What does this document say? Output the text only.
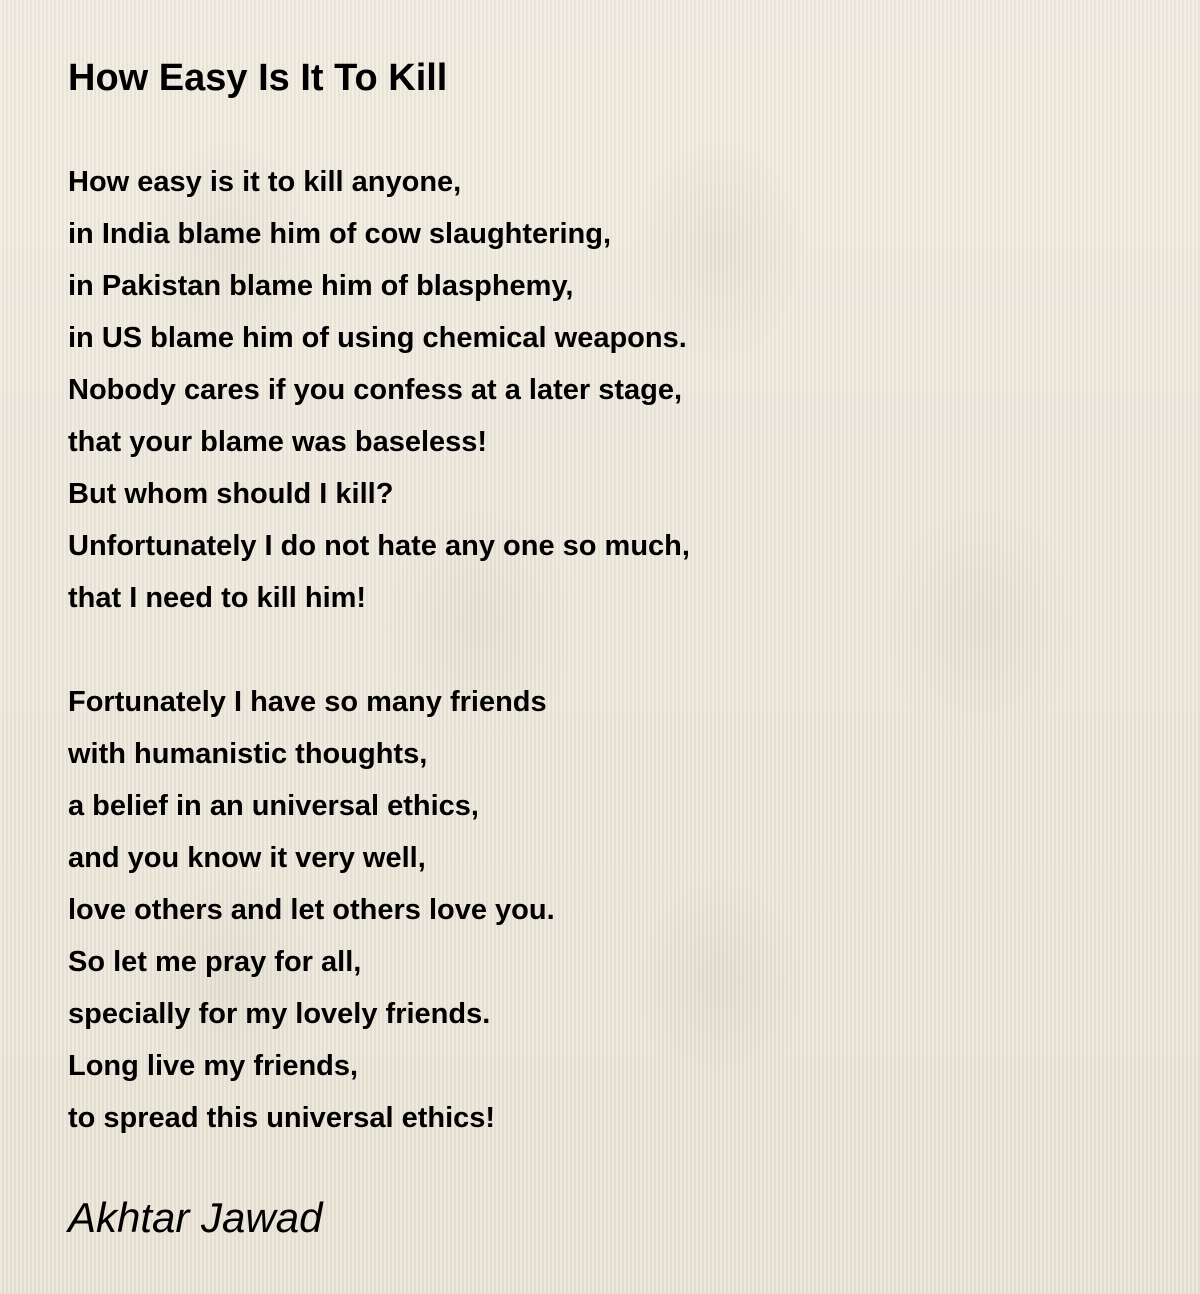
How Easy Is It To Kill

How easy is it to kill anyone,
in India blame him of cow slaughtering,
in Pakistan blame him of blasphemy,
in US blame him of using chemical weapons.
Nobody cares if you confess at a later stage,
that your blame was baseless!
But whom should I kill?
Unfortunately I do not hate any one so much,
that I need to kill him!

Fortunately I have so many friends
with humanistic thoughts,
a belief in an universal ethics,
and you know it very well,
love others and let others love you.
So let me pray for all,
specially for my lovely friends.
Long live my friends,
to spread this universal ethics!

Akhtar Jawad
